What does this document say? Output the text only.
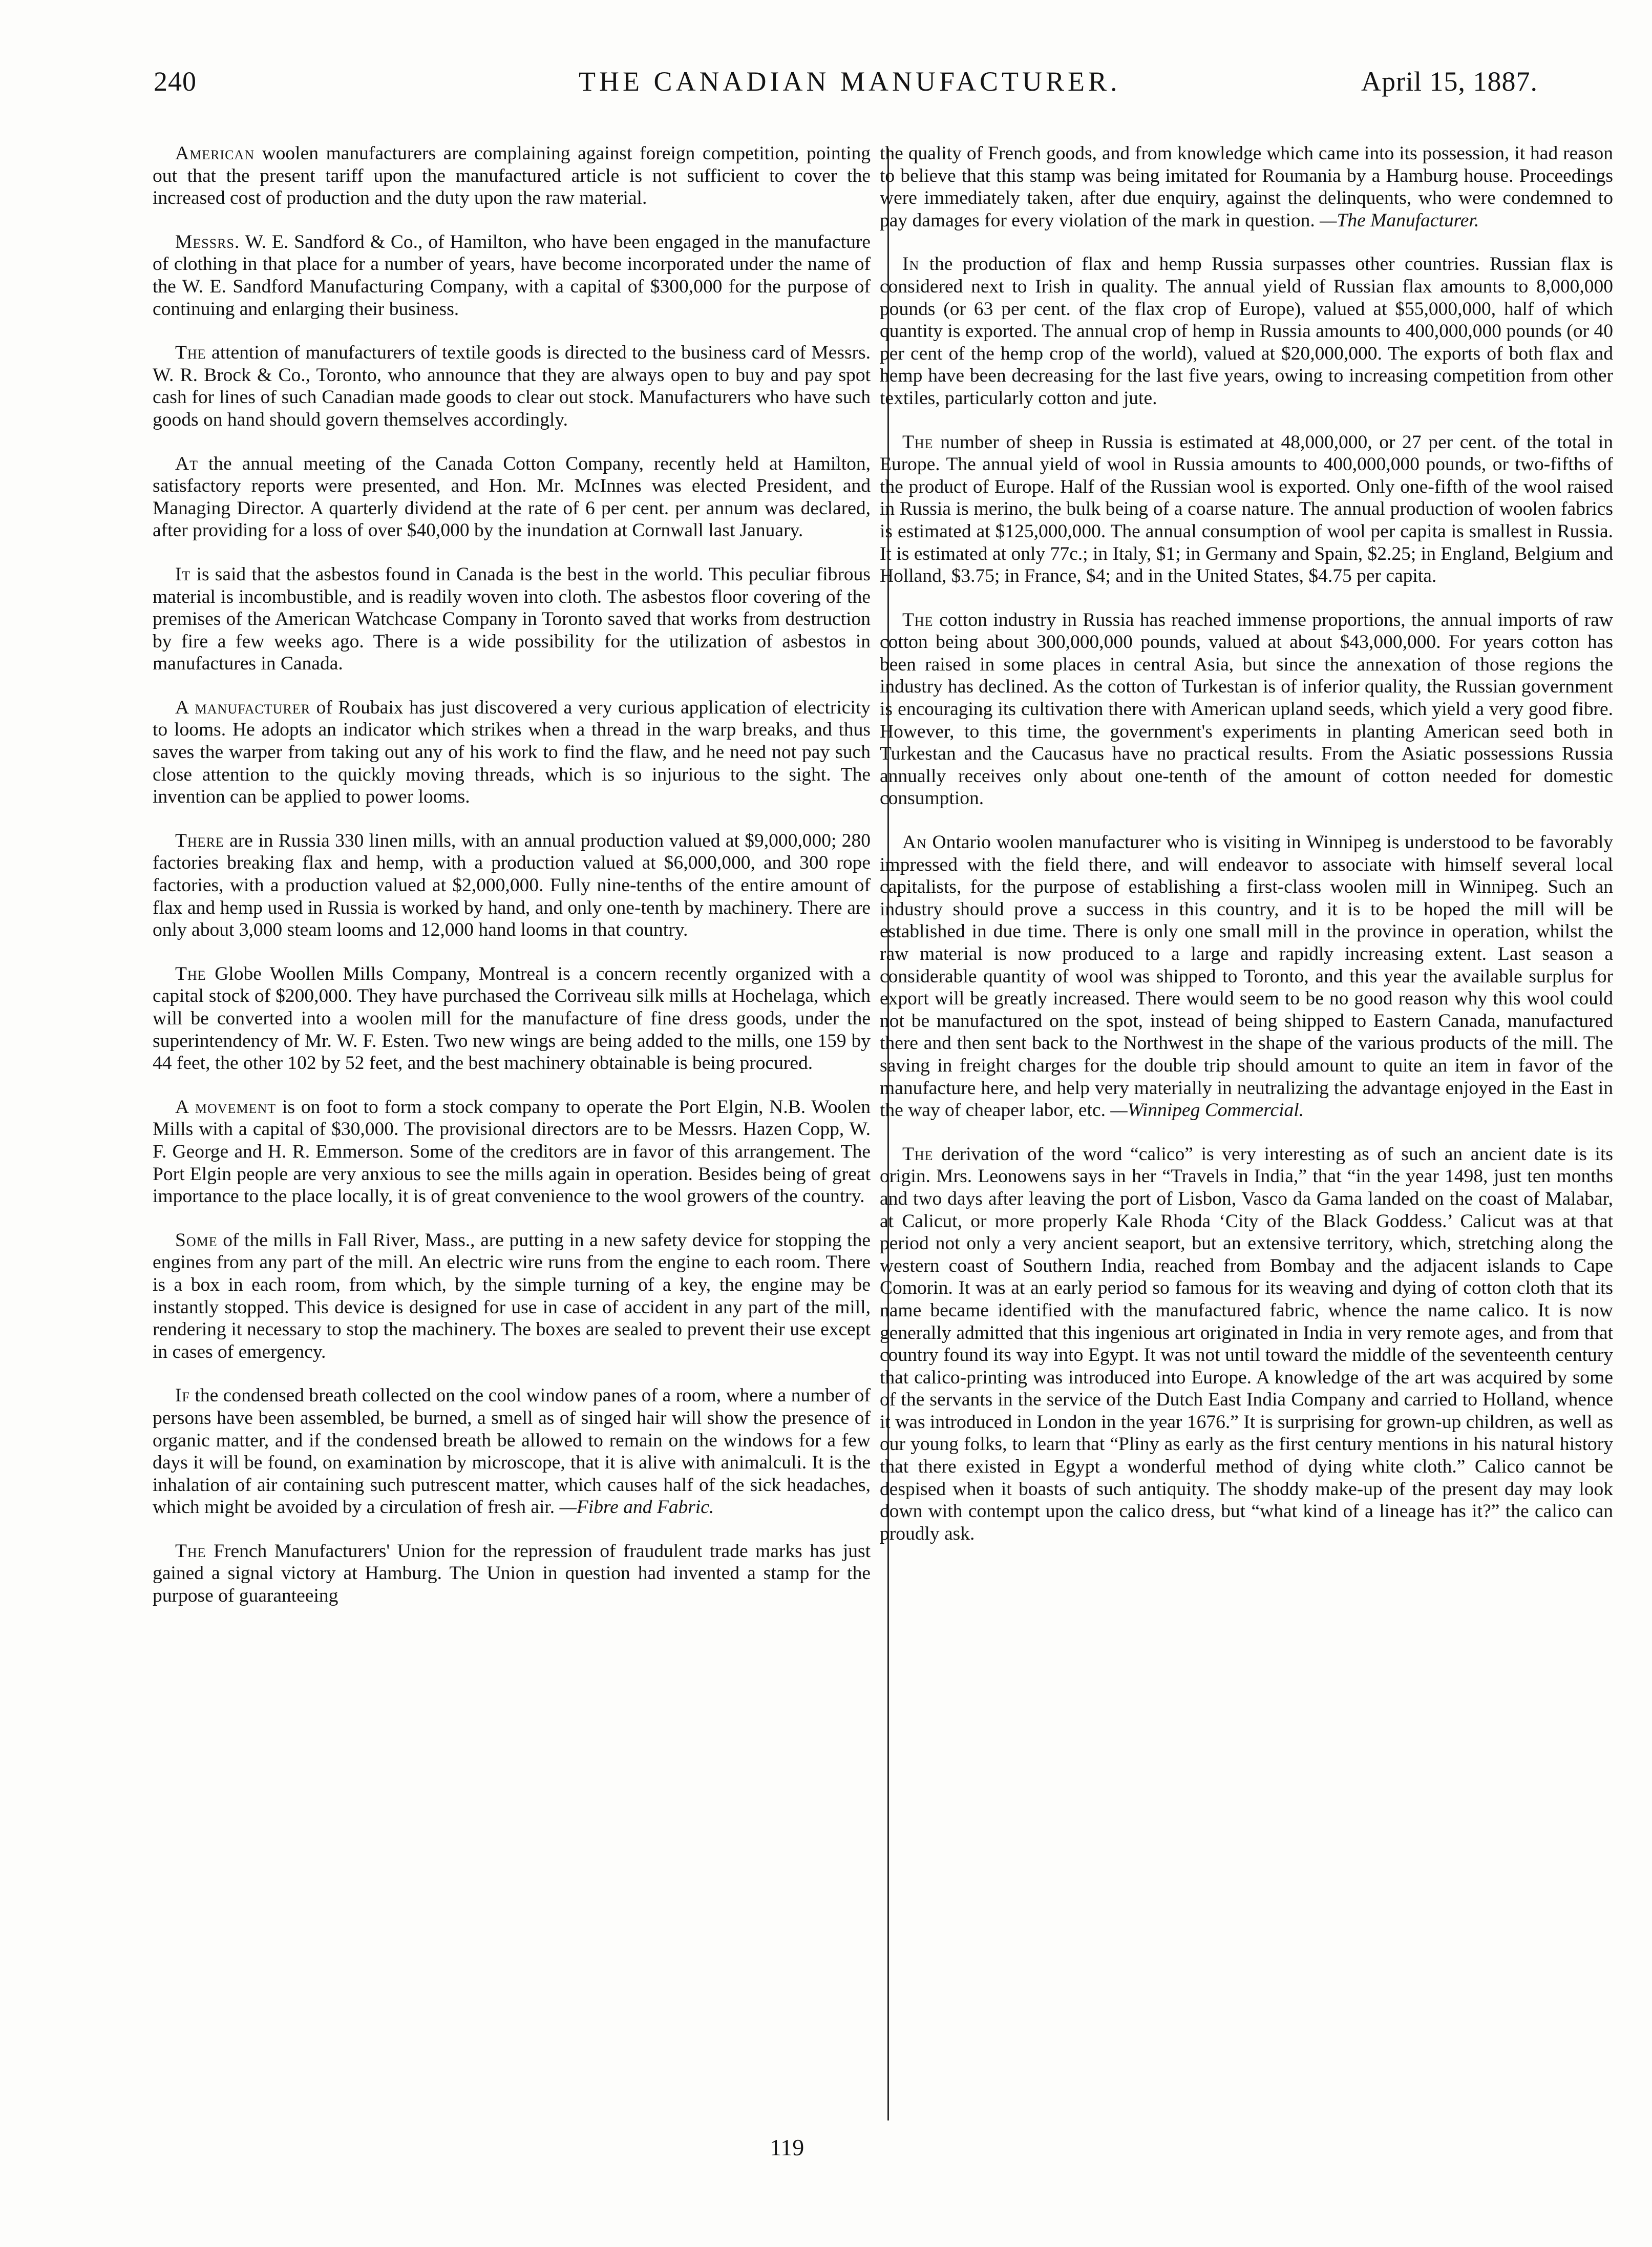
240	THE CANADIAN MANUFACTURER.	April 15, 1887.

American woolen manufacturers are complaining against foreign competition, pointing out that the present tariff upon the manufactured article is not sufficient to cover the increased cost of production and the duty upon the raw material.

Messrs. W. E. Sandford & Co., of Hamilton, who have been engaged in the manufacture of clothing in that place for a number of years, have become incorporated under the name of the W. E. Sandford Manufacturing Company, with a capital of $300,000 for the purpose of continuing and enlarging their business.

The attention of manufacturers of textile goods is directed to the business card of Messrs. W. R. Brock & Co., Toronto, who announce that they are always open to buy and pay spot cash for lines of such Canadian made goods to clear out stock. Manufacturers who have such goods on hand should govern themselves accordingly.

At the annual meeting of the Canada Cotton Company, recently held at Hamilton, satisfactory reports were presented, and Hon. Mr. McInnes was elected President, and Managing Director. A quarterly dividend at the rate of 6 per cent. per annum was declared, after providing for a loss of over $40,000 by the inundation at Cornwall last January.

It is said that the asbestos found in Canada is the best in the world. This peculiar fibrous material is incombustible, and is readily woven into cloth. The asbestos floor covering of the premises of the American Watchcase Company in Toronto saved that works from destruction by fire a few weeks ago. There is a wide possibility for the utilization of asbestos in manufactures in Canada.

A manufacturer of Roubaix has just discovered a very curious application of electricity to looms. He adopts an indicator which strikes when a thread in the warp breaks, and thus saves the warper from taking out any of his work to find the flaw, and he need not pay such close attention to the quickly moving threads, which is so injurious to the sight. The invention can be applied to power looms.

There are in Russia 330 linen mills, with an annual production valued at $9,000,000; 280 factories breaking flax and hemp, with a production valued at $6,000,000, and 300 rope factories, with a production valued at $2,000,000. Fully nine-tenths of the entire amount of flax and hemp used in Russia is worked by hand, and only one-tenth by machinery. There are only about 3,000 steam looms and 12,000 hand looms in that country.

The Globe Woollen Mills Company, Montreal is a concern recently organized with a capital stock of $200,000. They have purchased the Corriveau silk mills at Hochelaga, which will be converted into a woolen mill for the manufacture of fine dress goods, under the superintendency of Mr. W. F. Esten. Two new wings are being added to the mills, one 159 by 44 feet, the other 102 by 52 feet, and the best machinery obtainable is being procured.

A movement is on foot to form a stock company to operate the Port Elgin, N.B. Woolen Mills with a capital of $30,000. The provisional directors are to be Messrs. Hazen Copp, W. F. George and H. R. Emmerson. Some of the creditors are in favor of this arrangement. The Port Elgin people are very anxious to see the mills again in operation. Besides being of great importance to the place locally, it is of great convenience to the wool growers of the country.

Some of the mills in Fall River, Mass., are putting in a new safety device for stopping the engines from any part of the mill. An electric wire runs from the engine to each room. There is a box in each room, from which, by the simple turning of a key, the engine may be instantly stopped. This device is designed for use in case of accident in any part of the mill, rendering it necessary to stop the machinery. The boxes are sealed to prevent their use except in cases of emergency.

If the condensed breath collected on the cool window panes of a room, where a number of persons have been assembled, be burned, a smell as of singed hair will show the presence of organic matter, and if the condensed breath be allowed to remain on the windows for a few days it will be found, on examination by microscope, that it is alive with animalculi. It is the inhalation of air containing such putrescent matter, which causes half of the sick headaches, which might be avoided by a circulation of fresh air. —Fibre and Fabric.

The French Manufacturers' Union for the repression of fraudulent trade marks has just gained a signal victory at Hamburg. The Union in question had invented a stamp for the purpose of guaranteeing

the quality of French goods, and from knowledge which came into its possession, it had reason to believe that this stamp was being imitated for Roumania by a Hamburg house. Proceedings were immediately taken, after due enquiry, against the delinquents, who were condemned to pay damages for every violation of the mark in question. —The Manufacturer.

In the production of flax and hemp Russia surpasses other countries. Russian flax is considered next to Irish in quality. The annual yield of Russian flax amounts to 8,000,000 pounds (or 63 per cent. of the flax crop of Europe), valued at $55,000,000, half of which quantity is exported. The annual crop of hemp in Russia amounts to 400,000,000 pounds (or 40 per cent of the hemp crop of the world), valued at $20,000,000. The exports of both flax and hemp have been decreasing for the last five years, owing to increasing competition from other textiles, particularly cotton and jute.

The number of sheep in Russia is estimated at 48,000,000, or 27 per cent. of the total in Europe. The annual yield of wool in Russia amounts to 400,000,000 pounds, or two-fifths of the product of Europe. Half of the Russian wool is exported. Only one-fifth of the wool raised in Russia is merino, the bulk being of a coarse nature. The annual production of woolen fabrics is estimated at $125,000,000. The annual consumption of wool per capita is smallest in Russia. It is estimated at only 77c.; in Italy, $1; in Germany and Spain, $2.25; in England, Belgium and Holland, $3.75; in France, $4; and in the United States, $4.75 per capita.

The cotton industry in Russia has reached immense proportions, the annual imports of raw cotton being about 300,000,000 pounds, valued at about $43,000,000. For years cotton has been raised in some places in central Asia, but since the annexation of those regions the industry has declined. As the cotton of Turkestan is of inferior quality, the Russian government is encouraging its cultivation there with American upland seeds, which yield a very good fibre. However, to this time, the government's experiments in planting American seed both in Turkestan and the Caucasus have no practical results. From the Asiatic possessions Russia annually receives only about one-tenth of the amount of cotton needed for domestic consumption.

An Ontario woolen manufacturer who is visiting in Winnipeg is understood to be favorably impressed with the field there, and will endeavor to associate with himself several local capitalists, for the purpose of establishing a first-class woolen mill in Winnipeg. Such an industry should prove a success in this country, and it is to be hoped the mill will be established in due time. There is only one small mill in the province in operation, whilst the raw material is now produced to a large and rapidly increasing extent. Last season a considerable quantity of wool was shipped to Toronto, and this year the available surplus for export will be greatly increased. There would seem to be no good reason why this wool could not be manufactured on the spot, instead of being shipped to Eastern Canada, manufactured there and then sent back to the Northwest in the shape of the various products of the mill. The saving in freight charges for the double trip should amount to quite an item in favor of the manufacture here, and help very materially in neutralizing the advantage enjoyed in the East in the way of cheaper labor, etc. —Winnipeg Commercial.

The derivation of the word “calico” is very interesting as of such an ancient date is its origin. Mrs. Leonowens says in her “Travels in India,” that “in the year 1498, just ten months and two days after leaving the port of Lisbon, Vasco da Gama landed on the coast of Malabar, at Calicut, or more properly Kale Rhoda ‘City of the Black Goddess.’ Calicut was at that period not only a very ancient seaport, but an extensive territory, which, stretching along the western coast of Southern India, reached from Bombay and the adjacent islands to Cape Comorin. It was at an early period so famous for its weaving and dying of cotton cloth that its name became identified with the manufactured fabric, whence the name calico. It is now generally admitted that this ingenious art originated in India in very remote ages, and from that country found its way into Egypt. It was not until toward the middle of the seventeenth century that calico-printing was introduced into Europe. A knowledge of the art was acquired by some of the servants in the service of the Dutch East India Company and carried to Holland, whence it was introduced in London in the year 1676.” It is surprising for grown-up children, as well as our young folks, to learn that “Pliny as early as the first century mentions in his natural history that there existed in Egypt a wonderful method of dying white cloth.” Calico cannot be despised when it boasts of such antiquity. The shoddy make-up of the present day may look down with contempt upon the calico dress, but “what kind of a lineage has it?” the calico can proudly ask.

119
